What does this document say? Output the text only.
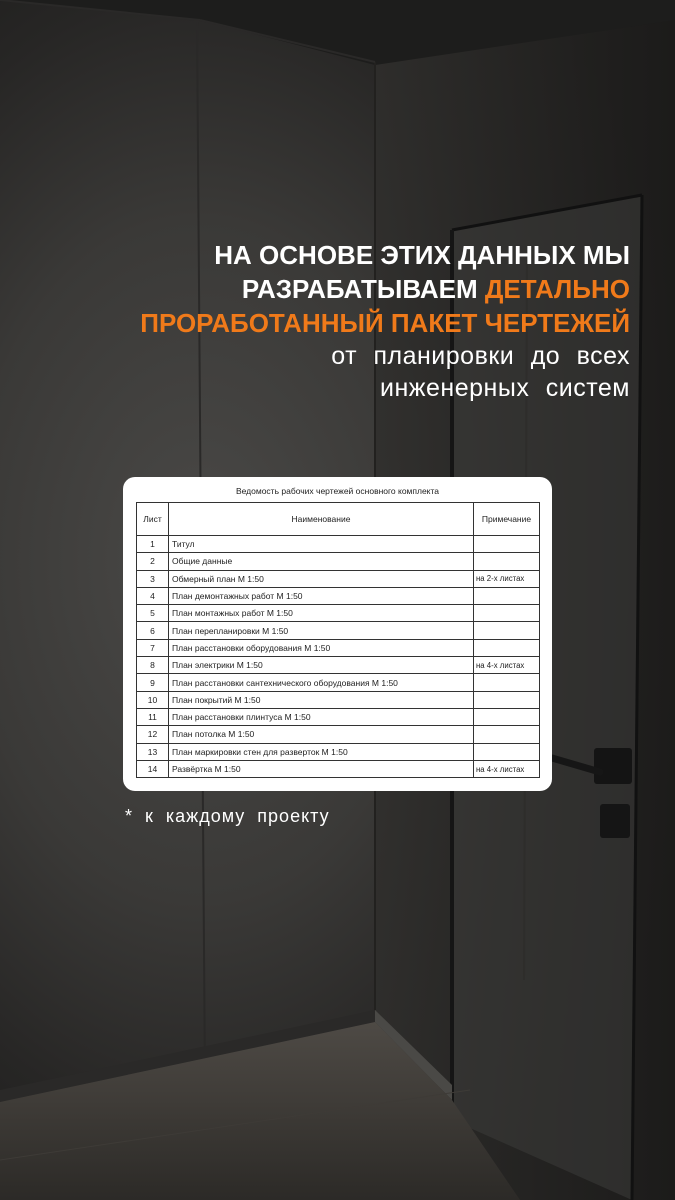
НА ОСНОВЕ ЭТИХ ДАННЫХ МЫ
РАЗРАБАТЫВАЕМ ДЕТАЛЬНО
ПРОРАБОТАННЫЙ ПАКЕТ ЧЕРТЕЖЕЙ
от планировки до всех
инженерных систем
Ведомость рабочих чертежей основного комплекта
Лист	Наименование	Примечание
1	Титул	
2	Общие данные	
3	Обмерный план М 1:50	на 2-х листах
4	План демонтажных работ М 1:50	
5	План монтажных работ М 1:50	
6	План перепланировки М 1:50	
7	План расстановки оборудования М 1:50	
8	План электрики М 1:50	на 4-х листах
9	План расстановки сантехнического оборудования М 1:50	
10	План покрытий М 1:50	
11	План расстановки плинтуса М 1:50	
12	План потолка М 1:50	
13	План маркировки стен для разверток М 1:50	
14	Развёртка М 1:50	на 4-х листах
* к каждому проекту
